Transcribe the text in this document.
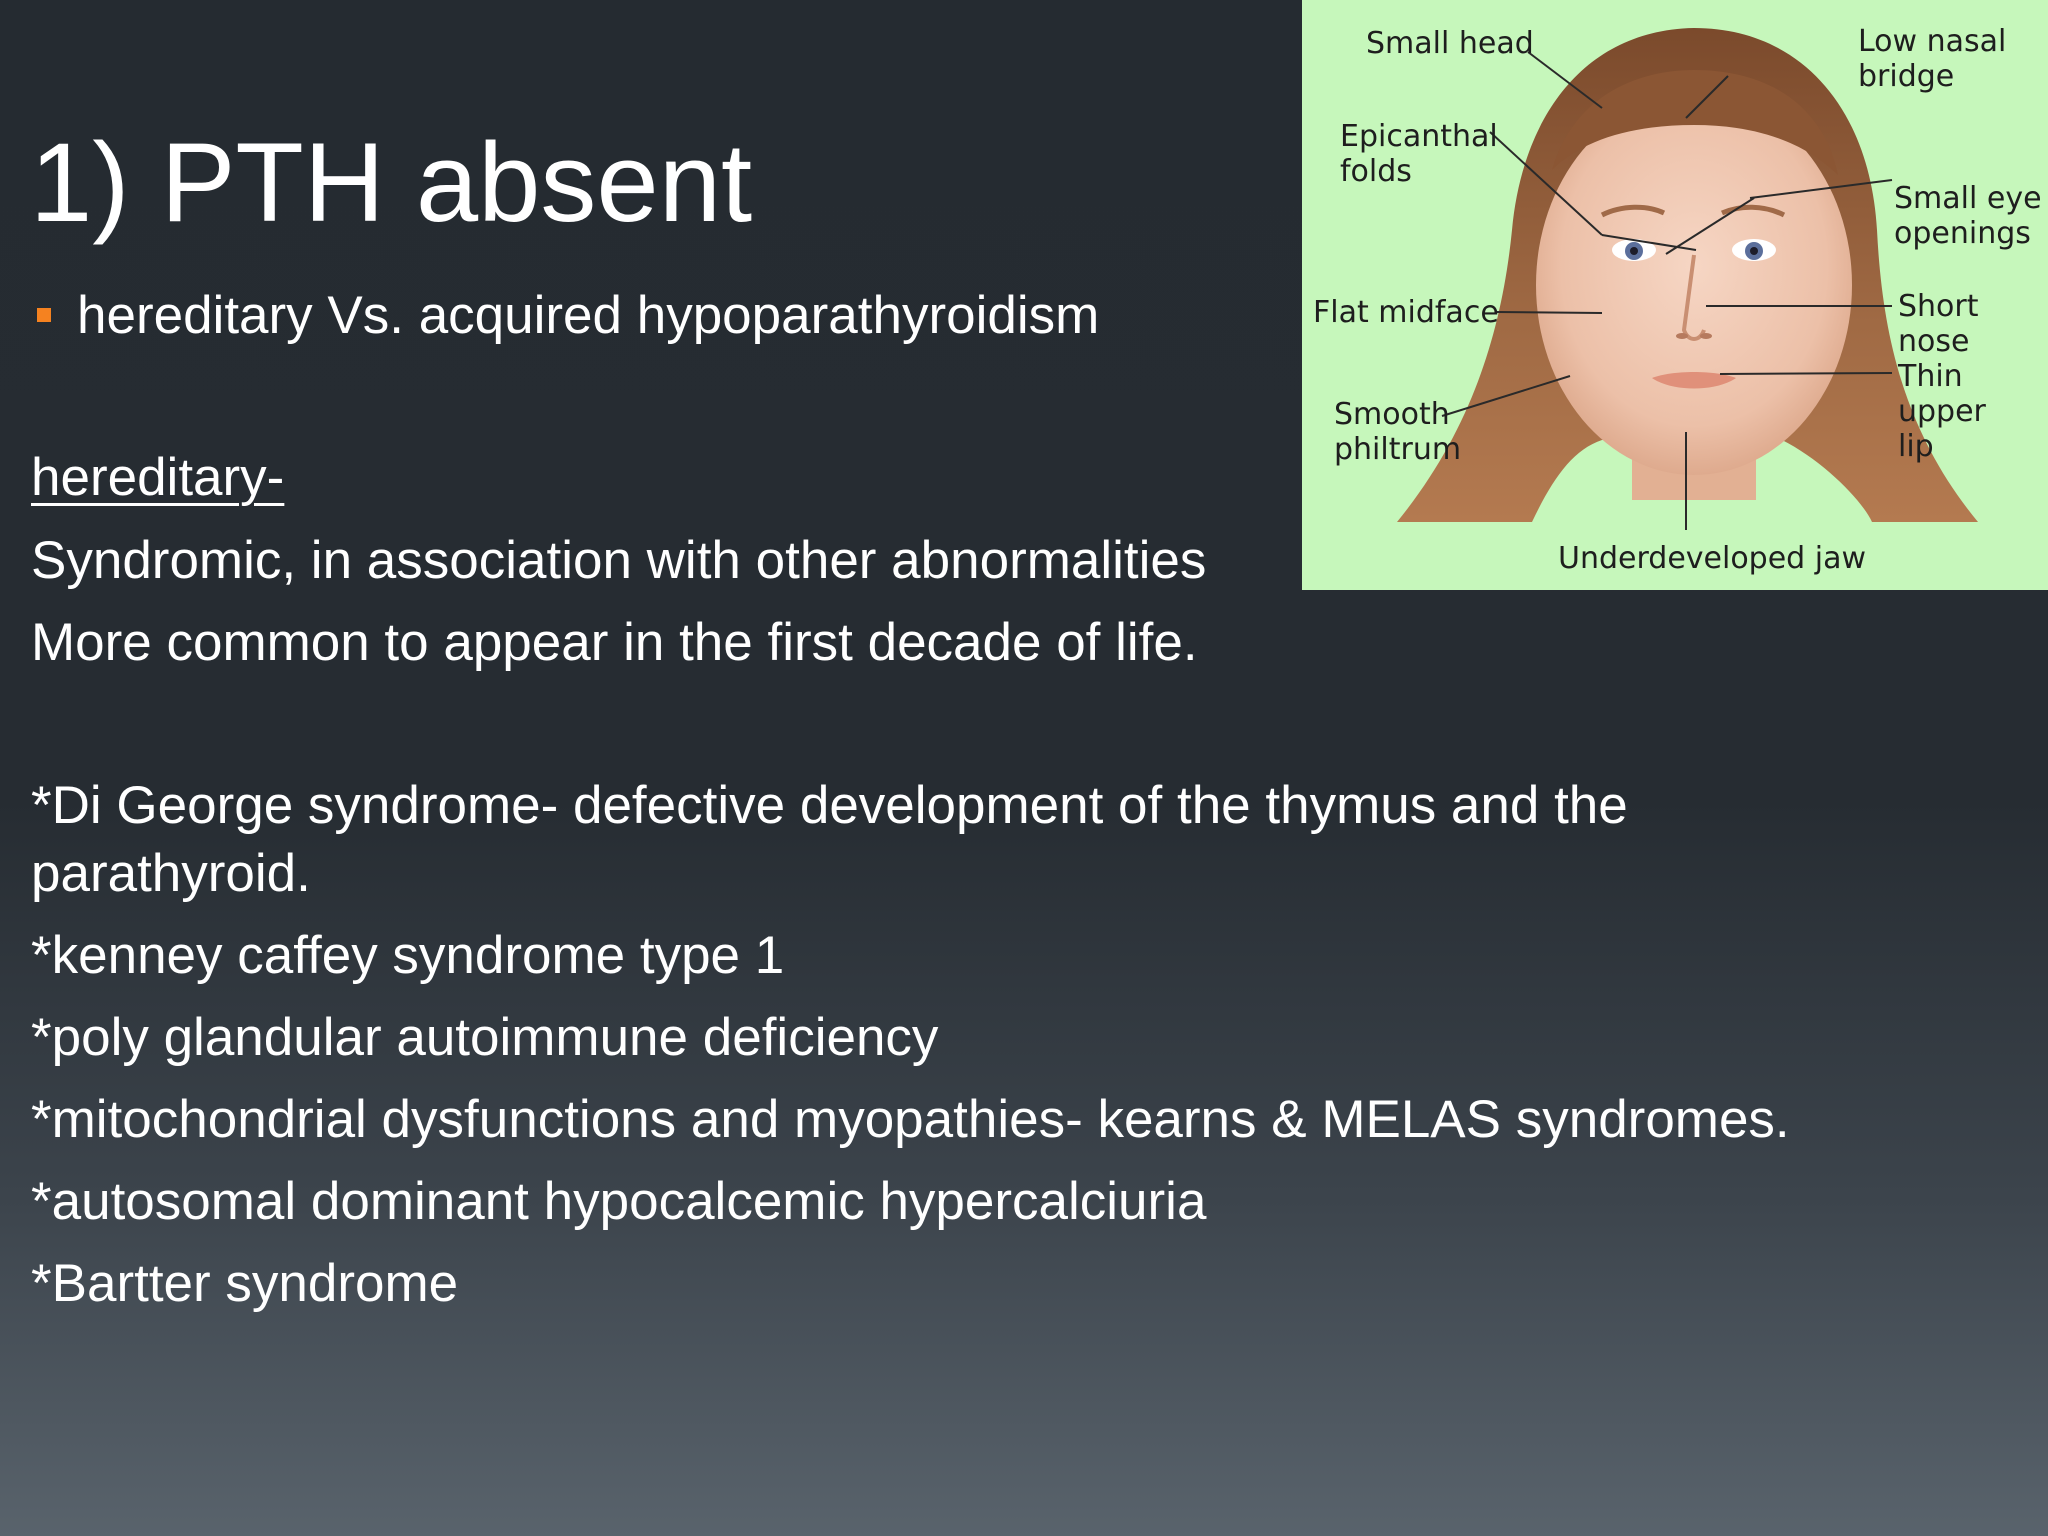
1) PTH absent
hereditary Vs. acquired hypoparathyroidism
hereditary-
Syndromic, in association with other abnormalities
More common to appear in the first decade of life.
*Di George syndrome- defective development of the thymus and the
parathyroid.
*kenney caffey syndrome type 1
*poly glandular autoimmune deficiency
*mitochondrial dysfunctions and myopathies- kearns & MELAS syndromes.
*autosomal dominant hypocalcemic hypercalciuria
*Bartter syndrome
Small head	Low nasal
bridge
Epicanthal
folds
Small eye
openings
Flat midface	Short nose
Smooth
philtrum
Thin upper
lip
Underdeveloped jaw
